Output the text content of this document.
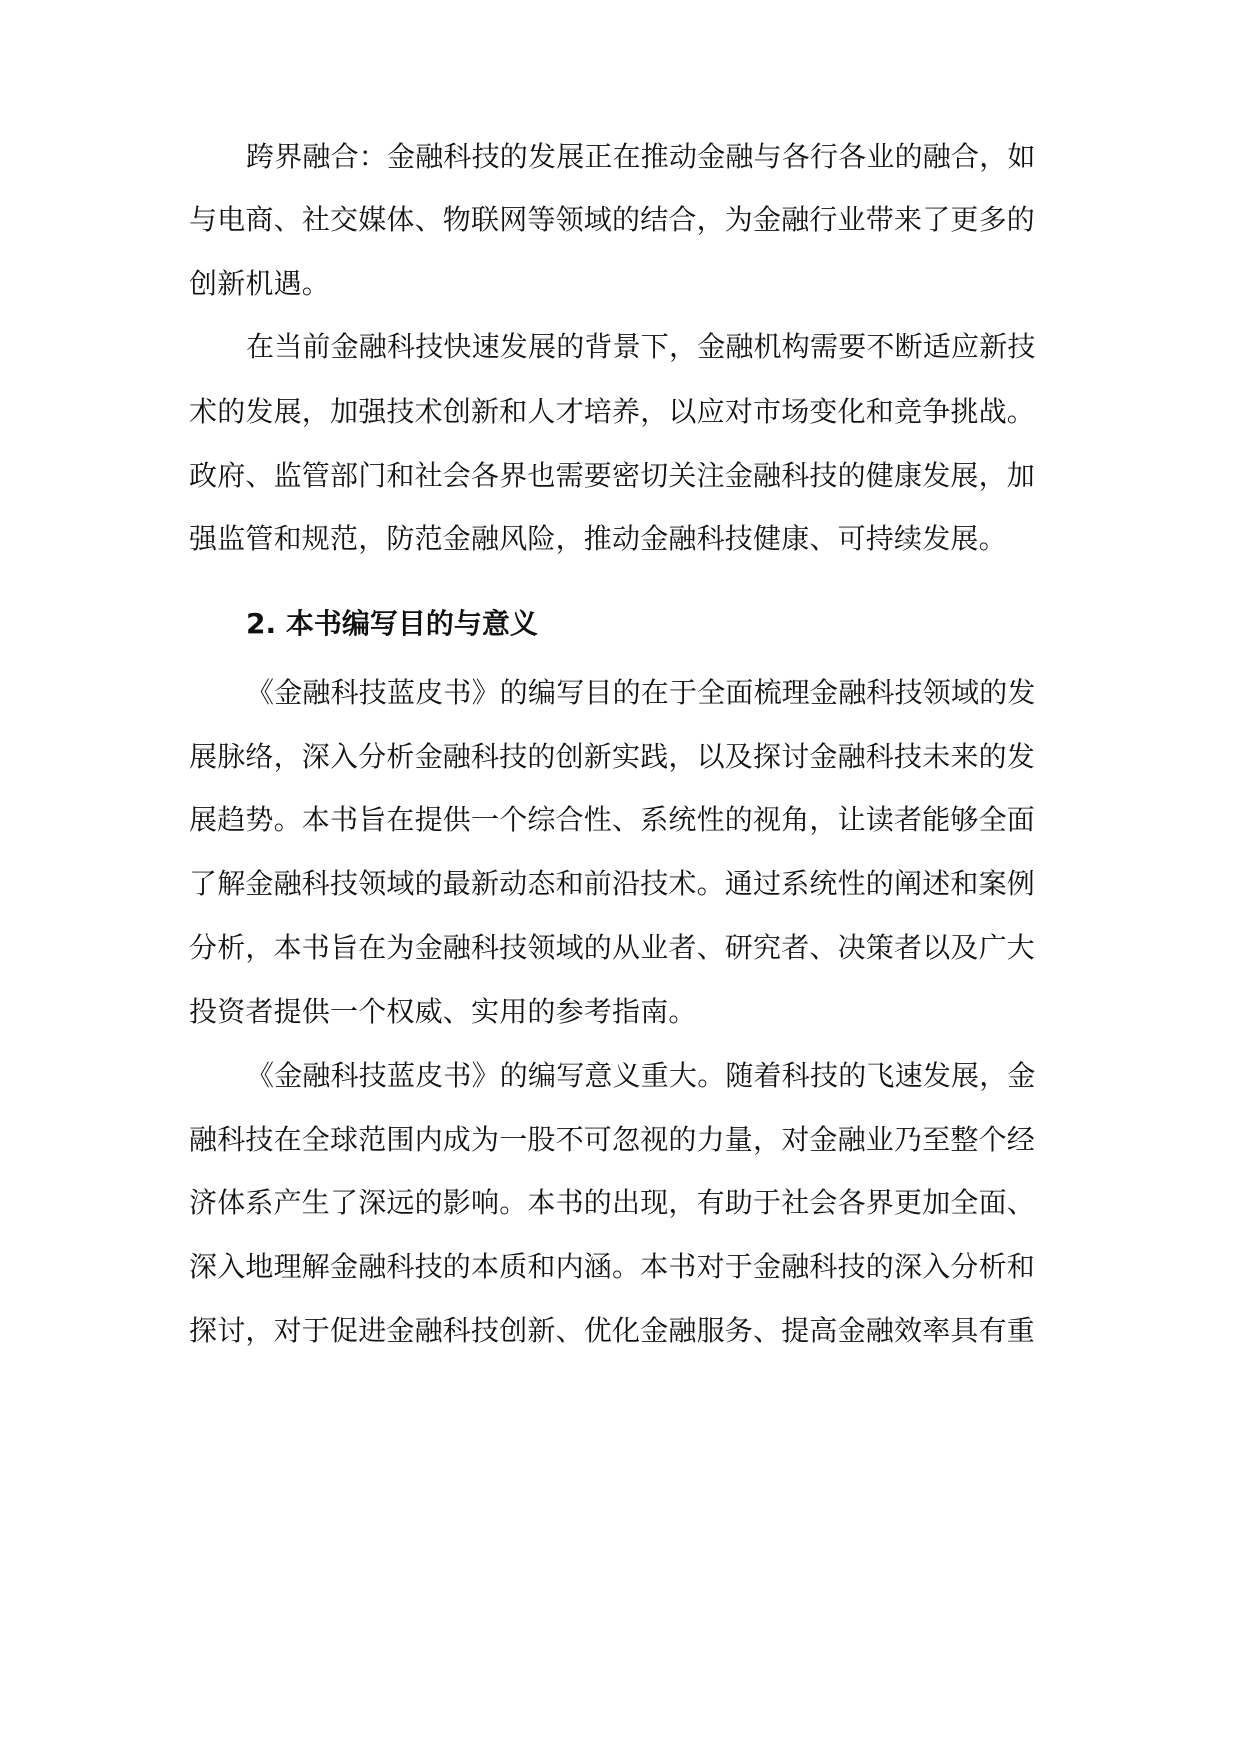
跨界融合：金融科技的发展正在推动金融与各行各业的融合，如
与电商、社交媒体、物联网等领域的结合，为金融行业带来了更多的
创新机遇。
在当前金融科技快速发展的背景下，金融机构需要不断适应新技
术的发展，加强技术创新和人才培养，以应对市场变化和竞争挑战。
政府、监管部门和社会各界也需要密切关注金融科技的健康发展，加
强监管和规范，防范金融风险，推动金融科技健康、可持续发展。
2. 本书编写目的与意义
《金融科技蓝皮书》的编写目的在于全面梳理金融科技领域的发
展脉络，深入分析金融科技的创新实践，以及探讨金融科技未来的发
展趋势。本书旨在提供一个综合性、系统性的视角，让读者能够全面
了解金融科技领域的最新动态和前沿技术。通过系统性的阐述和案例
分析，本书旨在为金融科技领域的从业者、研究者、决策者以及广大
投资者提供一个权威、实用的参考指南。
《金融科技蓝皮书》的编写意义重大。随着科技的飞速发展，金
融科技在全球范围内成为一股不可忽视的力量，对金融业乃至整个经
济体系产生了深远的影响。本书的出现，有助于社会各界更加全面、
深入地理解金融科技的本质和内涵。本书对于金融科技的深入分析和
探讨，对于促进金融科技创新、优化金融服务、提高金融效率具有重
